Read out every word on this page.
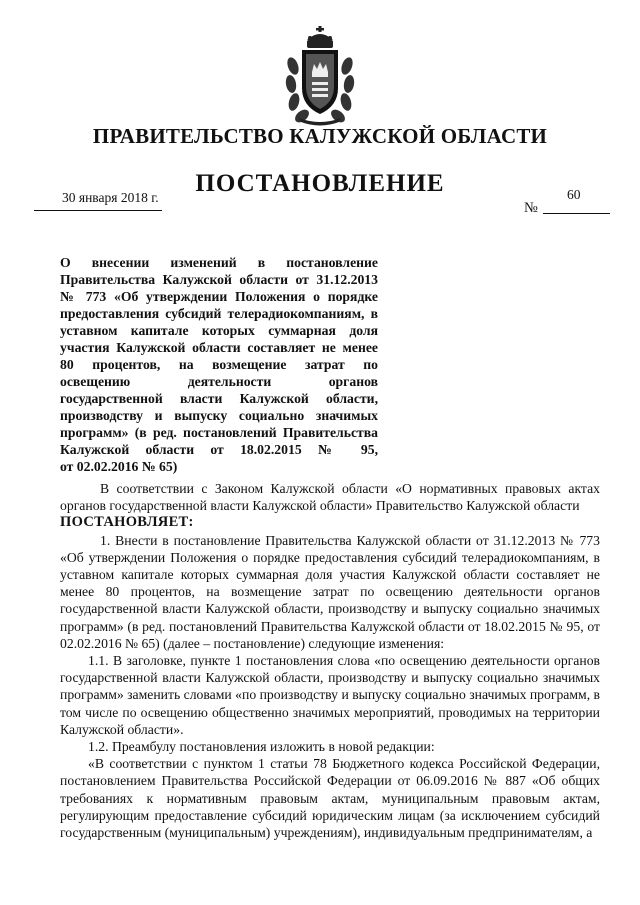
ПРАВИТЕЛЬСТВО КАЛУЖСКОЙ ОБЛАСТИ
ПОСТАНОВЛЕНИЕ
30 января 2018 г.
№
60
О внесении изменений в постановление
Правительства Калужской области от 31.12.2013
№ 773 «Об утверждении Положения о порядке
предоставления субсидий телерадиокомпаниям, в
уставном капитале которых суммарная доля
участия Калужской области составляет не менее
80 процентов, на возмещение затрат по
освещению деятельности органов
государственной власти Калужской области,
производству и выпуску социально значимых
программ» (в ред. постановлений Правительства
Калужской области от 18.02.2015 № 95,
от 02.02.2016 № 65)

В соответствии с Законом Калужской области «О нормативных правовых актах органов государственной власти Калужской области» Правительство Калужской области

ПОСТАНОВЛЯЕТ:

1. Внести в постановление Правительства Калужской области от 31.12.2013 № 773 «Об утверждении Положения о порядке предоставления субсидий телерадиокомпаниям, в уставном капитале которых суммарная доля участия Калужской области составляет не менее 80 процентов, на возмещение затрат по освещению деятельности органов государственной власти Калужской области, производству и выпуску социально значимых программ» (в ред. постановлений Правительства Калужской области от 18.02.2015 № 95, от 02.02.2016 № 65) (далее – постановление) следующие изменения:

1.1. В заголовке, пункте 1 постановления слова «по освещению деятельности органов государственной власти Калужской области, производству и выпуску социально значимых программ» заменить словами «по производству и выпуску социально значимых программ, в том числе по освещению общественно значимых мероприятий, проводимых на территории Калужской области».

1.2. Преамбулу постановления изложить в новой редакции:

«В соответствии с пунктом 1 статьи 78 Бюджетного кодекса Российской Федерации, постановлением Правительства Российской Федерации от 06.09.2016 № 887 «Об общих требованиях к нормативным правовым актам, муниципальным правовым актам, регулирующим предоставление субсидий юридическим лицам (за исключением субсидий государственным (муниципальным) учреждениям), индивидуальным предпринимателям, а
